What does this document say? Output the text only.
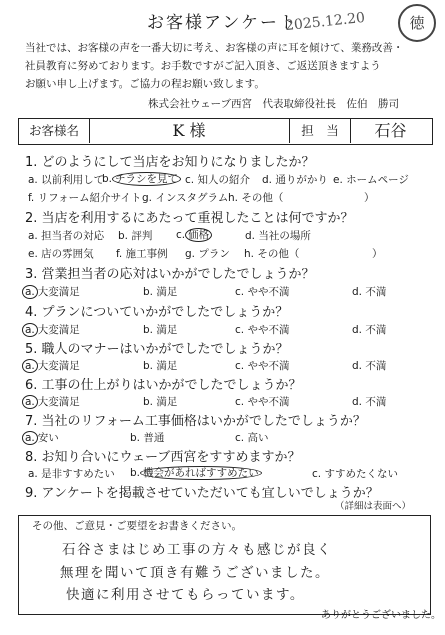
お客様アンケート
2025.12.20	徳
当社では、お客様の声を一番大切に考え、お客様の声に耳を傾けて、業務改善・
社員教育に努めております。お手数ですがご記入頂き、ご返送頂きますよう
お願い申し上げます。ご協力の程お願い致します。
株式会社ウェーブ西宮　代表取締役社長　佐伯　勝司
お客様名	K 様	担　当	石谷
1. どのようにして当店をお知りになりましたか？
a. 以前利用して
b. チラシを見て c. 知人の紹介 d. 通りがかり e. ホームページ
f. リフォーム紹介サイト g. インスタグラム h. その他（	）
2. 当店を利用するにあたって重視したことは何ですか？
a. 担当者の対応 b. 評判 c. 価格	d. 当社の場所
e. 店の雰囲気 f. 施工事例 g. プラン h. その他（	）
3. 営業担当者の応対はいかがでしたでしょうか？
a. 大変満足	b. 満足	c. やや不満	d. 不満
4. プランについていかがでしたでしょうか？
a. 大変満足	b. 満足	c. やや不満	d. 不満
5. 職人のマナーはいかがでしたでしょうか？
a. 大変満足	b. 満足	c. やや不満	d. 不満
6. 工事の仕上がりはいかがでしたでしょうか？
a. 大変満足	b. 満足	c. やや不満	d. 不満
7. 当社のリフォーム工事価格はいかがでしたでしょうか？
a. 安い	b. 普通	c. 高い
8. お知り合いにウェーブ西宮をすすめますか？
a. 是非すすめたい b. 機会があればすすめたい	c. すすめたくない
9. アンケートを掲載させていただいても宜しいでしょうか？
（詳細は表面へ）
その他、ご意見・ご要望をお書きください。
石谷さまはじめ工事の方々も感じが良く
無理を聞いて頂き有難うございました。
快適に利用させてもらっています。
ありがとうございました。
